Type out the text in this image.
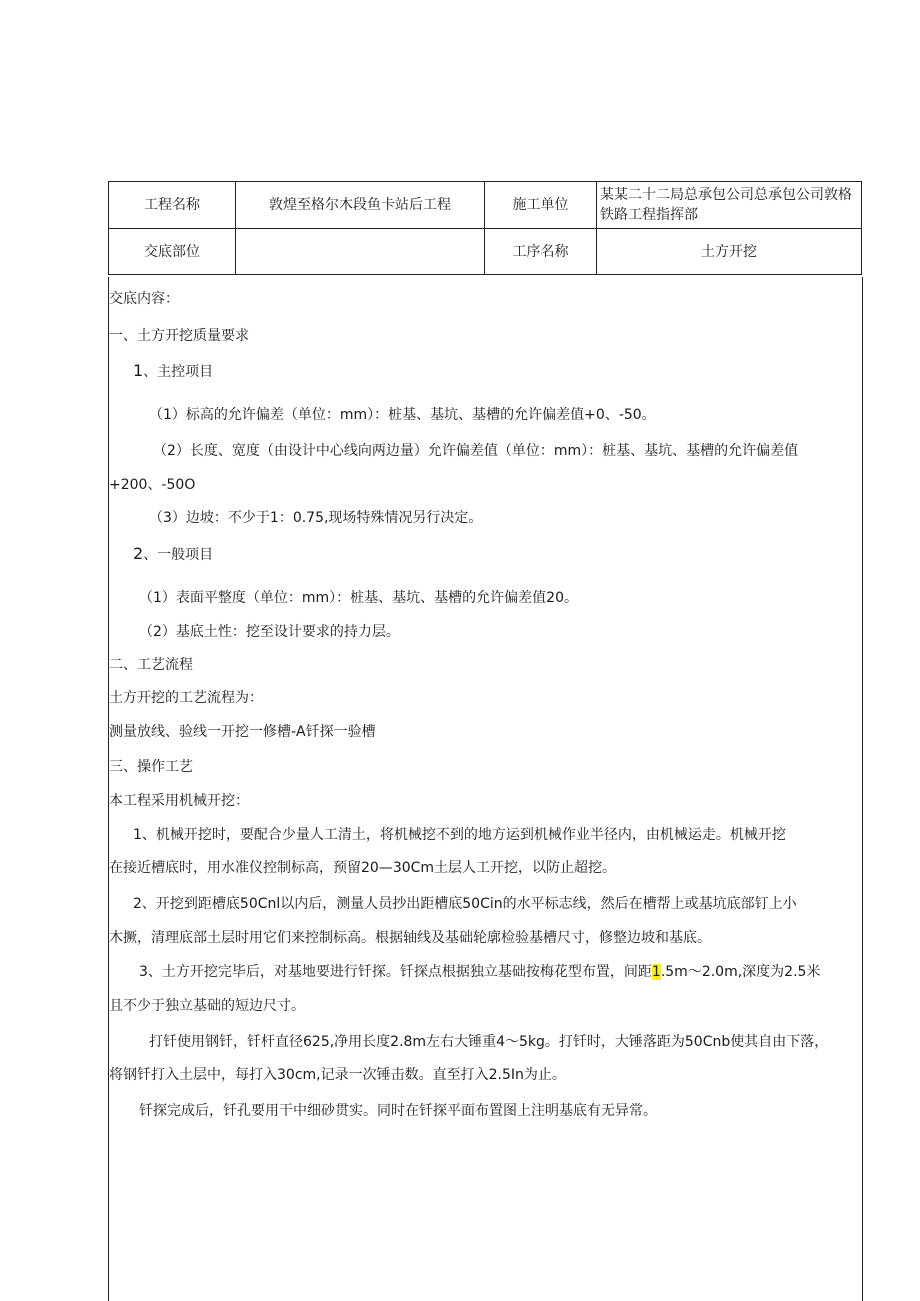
工程名称	敦煌至格尔木段鱼卡站后工程	施工单位	某某二十二局总承包公司总承包公司敦格铁路工程指挥部
交底部位		工序名称	土方开挖
交底内容：
一、土方开挖质量要求
1、主控项目
（1）标高的允许偏差（单位：mm）：桩基、基坑、基槽的允许偏差值+0、-50。
（2）长度、宽度（由设计中心线向两边量）允许偏差值（单位：mm）：桩基、基坑、基槽的允许偏差值
+200、-50O
（3）边坡：不少于1：0.75,现场特殊情况另行决定。
2、一般项目
（1）表面平整度（单位：mm）：桩基、基坑、基槽的允许偏差值20。
（2）基底土性：挖至设计要求的持力层。
二、工艺流程
土方开挖的工艺流程为：
测量放线、验线一开挖一修槽-A钎探一验槽
三、操作工艺
本工程采用机械开挖：
1、机械开挖时，要配合少量人工清土，将机械挖不到的地方运到机械作业半径内，由机械运走。机械开挖
在接近槽底时，用水准仪控制标高，预留20—30Cm土层人工开挖，以防止超挖。
2、开挖到距槽底50Cnl以内后，测量人员抄出距槽底50Cin的水平标志线，然后在槽帮上或基坑底部钉上小
木撅，清理底部土层时用它们来控制标高。根据轴线及基础轮廓检验基槽尺寸，修整边坡和基底。
3、土方开挖完毕后，对基地要进行钎探。钎探点根据独立基础按梅花型布置，间距1.5m〜2.0m,深度为2.5米
且不少于独立基础的短边尺寸。
打钎使用钢钎，钎杆直径625,净用长度2.8m左右大锤重4〜5kg。打钎时，大锤落距为50Cnb使其自由下落，
将钢钎打入土层中，每打入30cm,记录一次锤击数。直至打入2.5In为止。
钎探完成后，钎孔要用干中细砂贯实。同时在钎探平面布置图上注明基底有无异常。
